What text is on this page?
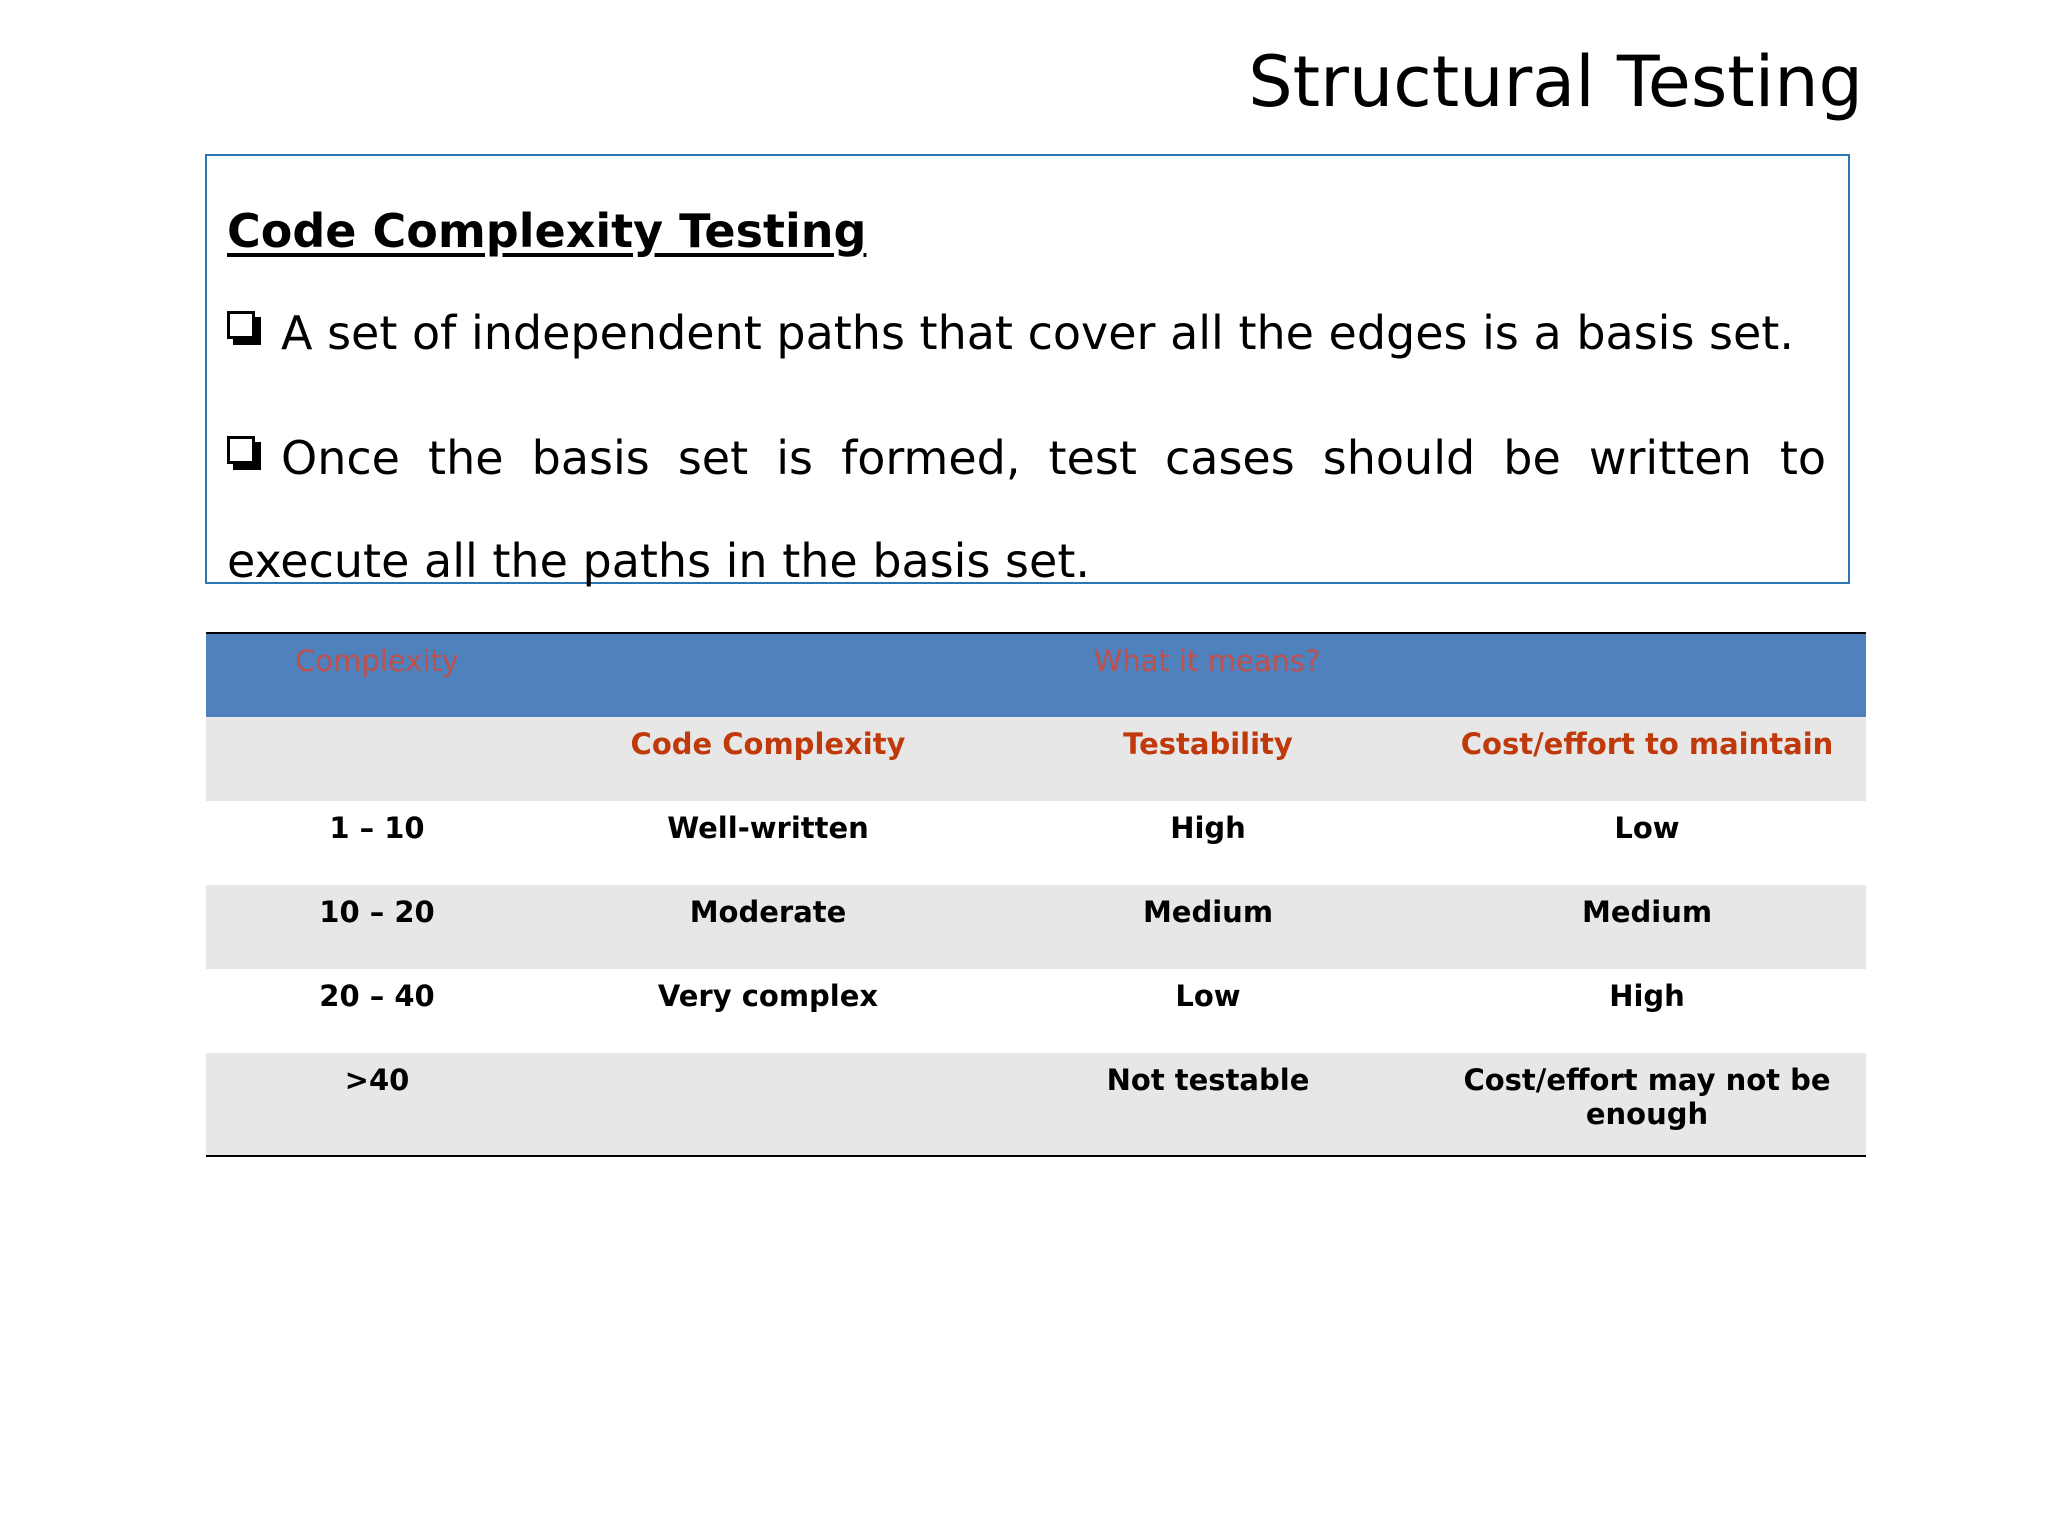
Structural Testing

Code Complexity Testing

A set of independent paths that cover all the edges is a basis set.

Once the basis set is formed, test cases should be written to execute all the paths in the basis set.

Complexity	What it means?		
	Code Complexity	Testability	Cost/effort to maintain
1 – 10	Well-written	High	Low
10 – 20	Moderate	Medium	Medium
20 – 40	Very complex	Low	High
>40		Not testable	Cost/effort may not be enough
